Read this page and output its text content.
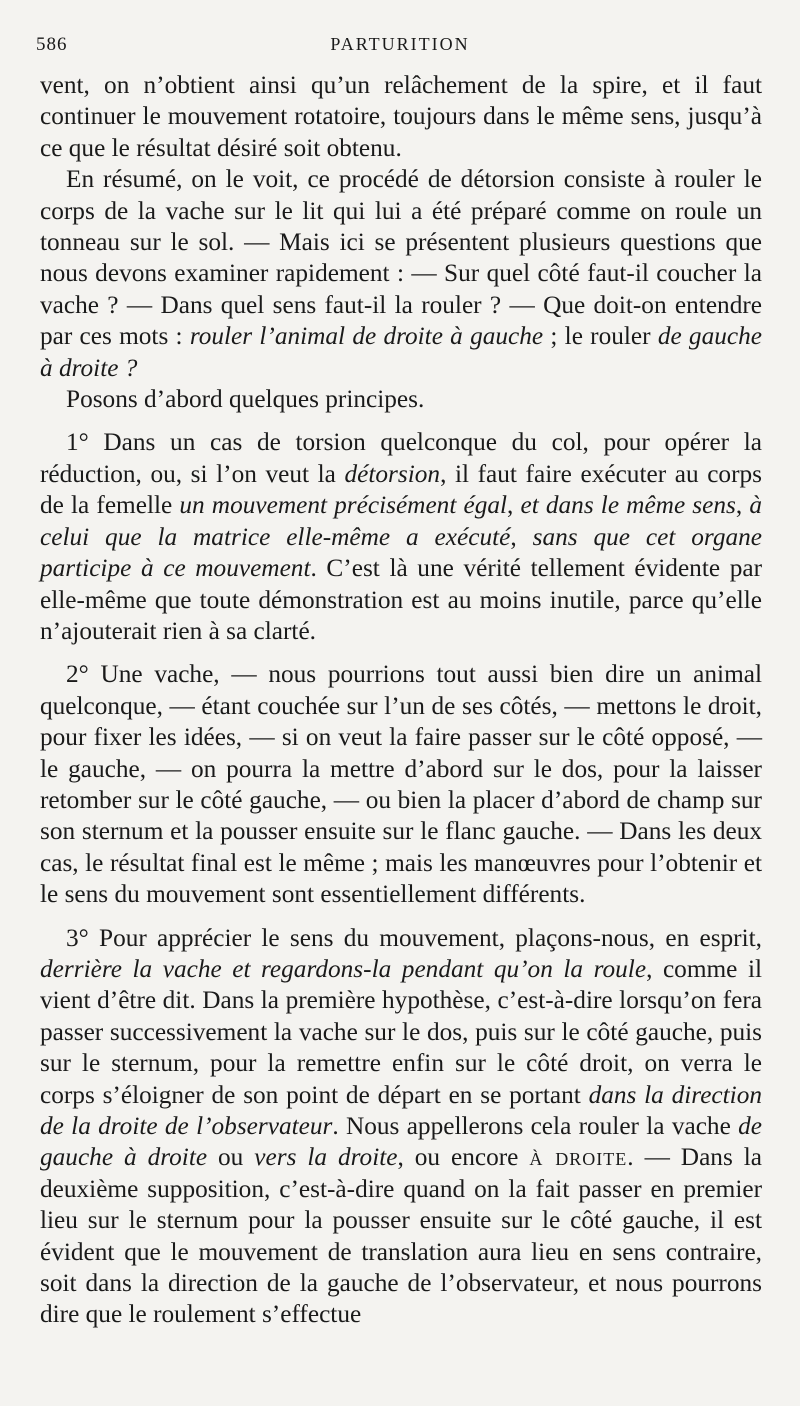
586	PARTURITION

vent, on n’obtient ainsi qu’un relâchement de la spire, et il faut continuer le mouvement rotatoire, toujours dans le même sens, jusqu’à ce que le résultat désiré soit obtenu.

En résumé, on le voit, ce procédé de détorsion consiste à rouler le corps de la vache sur le lit qui lui a été préparé comme on roule un tonneau sur le sol. — Mais ici se présentent plusieurs questions que nous devons examiner rapidement : — Sur quel côté faut-il coucher la vache ? — Dans quel sens faut-il la rouler ? — Que doit-on entendre par ces mots : rouler l’animal de droite à gauche ; le rouler de gauche à droite ?

Posons d’abord quelques principes.

1° Dans un cas de torsion quelconque du col, pour opérer la réduction, ou, si l’on veut la détorsion, il faut faire exécuter au corps de la femelle un mouvement précisément égal, et dans le même sens, à celui que la matrice elle-même a exécuté, sans que cet organe participe à ce mouvement. C’est là une vérité tellement évidente par elle-même que toute démonstration est au moins inutile, parce qu’elle n’ajouterait rien à sa clarté.

2° Une vache, — nous pourrions tout aussi bien dire un animal quelconque, — étant couchée sur l’un de ses côtés, — mettons le droit, pour fixer les idées, — si on veut la faire passer sur le côté opposé, — le gauche, — on pourra la mettre d’abord sur le dos, pour la laisser retomber sur le côté gauche, — ou bien la placer d’abord de champ sur son sternum et la pousser ensuite sur le flanc gauche. — Dans les deux cas, le résultat final est le même ; mais les manœuvres pour l’obtenir et le sens du mouvement sont essentiellement différents.

3° Pour apprécier le sens du mouvement, plaçons-nous, en esprit, derrière la vache et regardons-la pendant qu’on la roule, comme il vient d’être dit. Dans la première hypothèse, c’est-à-dire lorsqu’on fera passer successivement la vache sur le dos, puis sur le côté gauche, puis sur le sternum, pour la remettre enfin sur le côté droit, on verra le corps s’éloigner de son point de départ en se portant dans la direction de la droite de l’observateur. Nous appellerons cela rouler la vache de gauche à droite ou vers la droite, ou encore à droite. — Dans la deuxième supposition, c’est-à-dire quand on la fait passer en premier lieu sur le sternum pour la pousser ensuite sur le côté gauche, il est évident que le mouvement de translation aura lieu en sens contraire, soit dans la direction de la gauche de l’observateur, et nous pourrons dire que le roulement s’effectue
